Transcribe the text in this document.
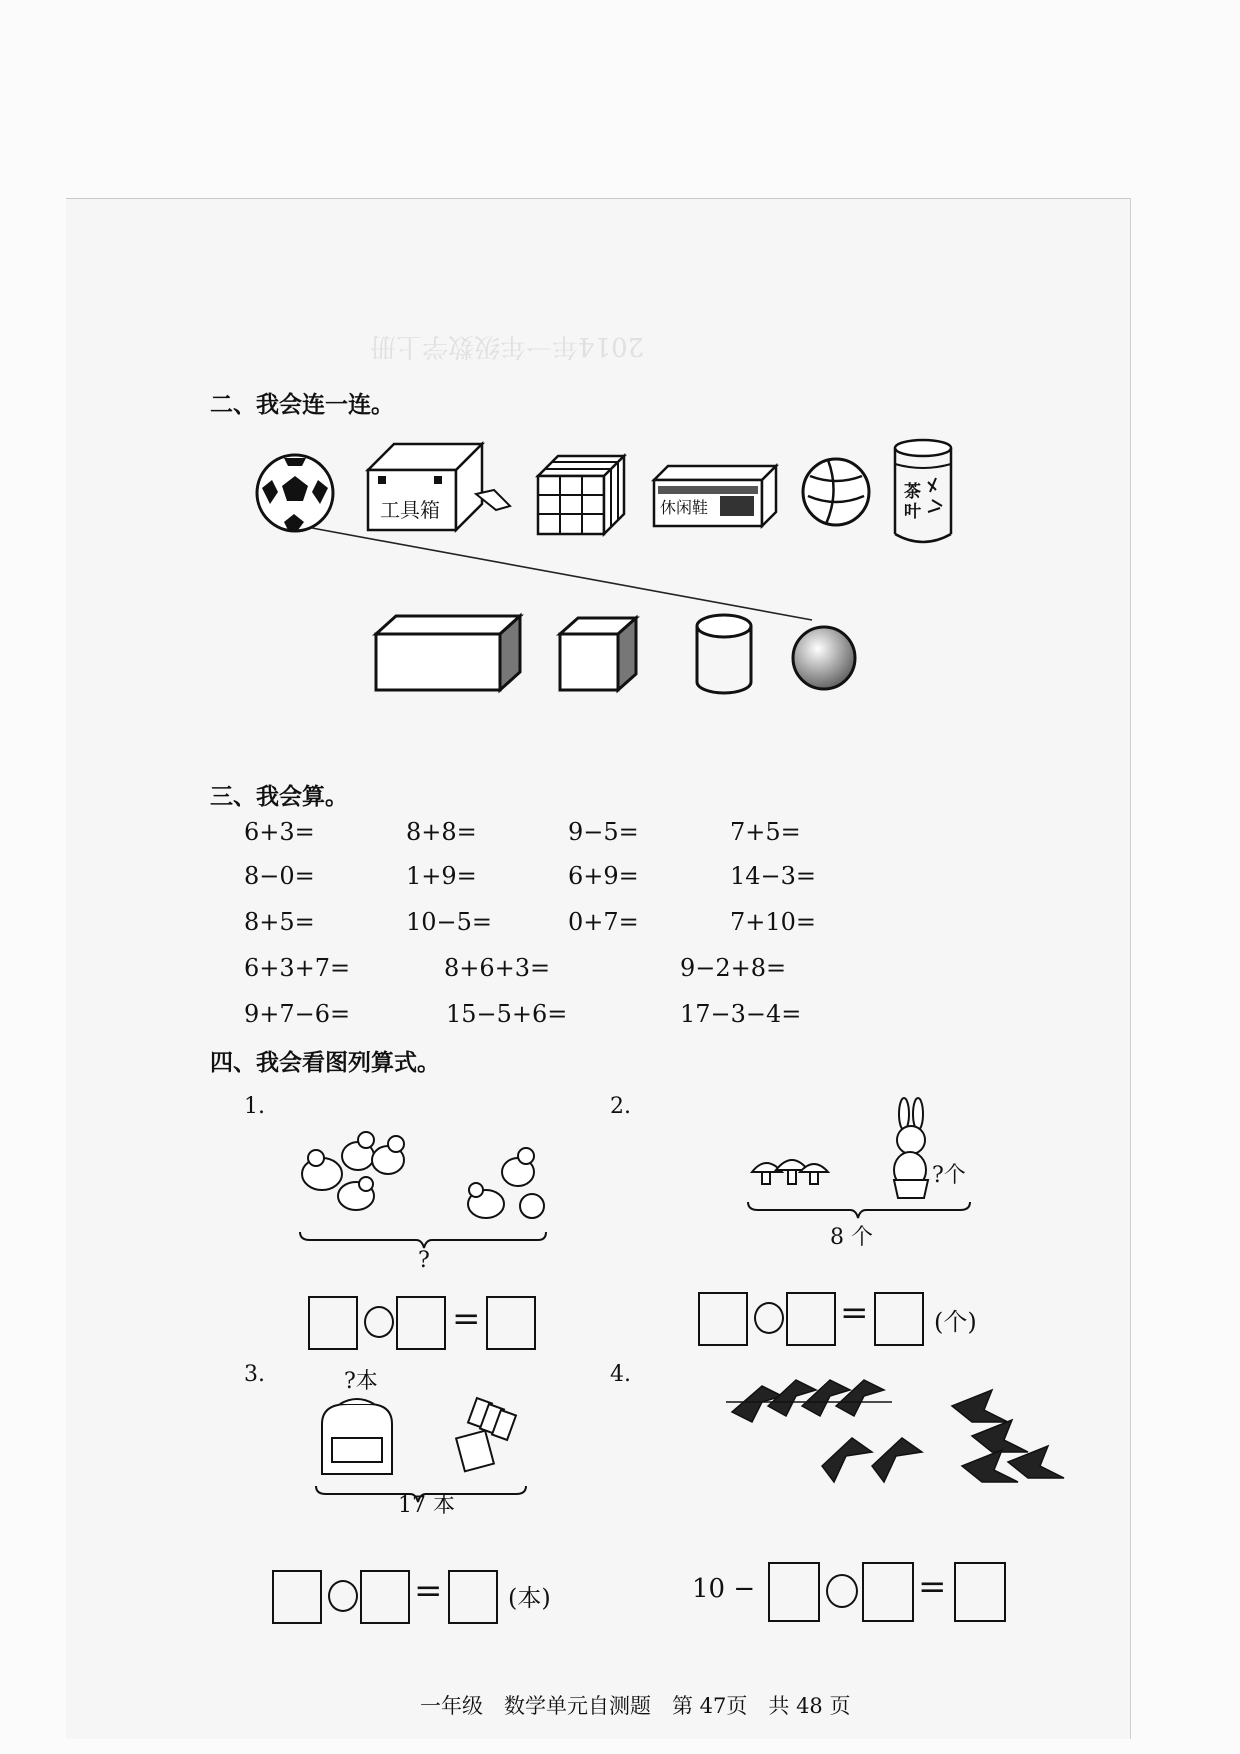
2014年一年级数学上册
二、我会连一连。
工具箱	休闲鞋
茶叶
三、我会算。
6+3=	8+8=	9−5=	7+5=
8−0=	1+9=	6+9=	14−3=
8+5=	10−5=	0+7=	7+10=
6+3+7=	8+6+3=	9−2+8=
9+7−6=	15−5+6=	17−3−4=
四、我会看图列算式。
1.
?
=
2.
?个
8 个
=	(个)
3.	?本
17 本
=	(本)
4.
10 −	=
一年级　数学单元自测题　第 47页　共 48 页
